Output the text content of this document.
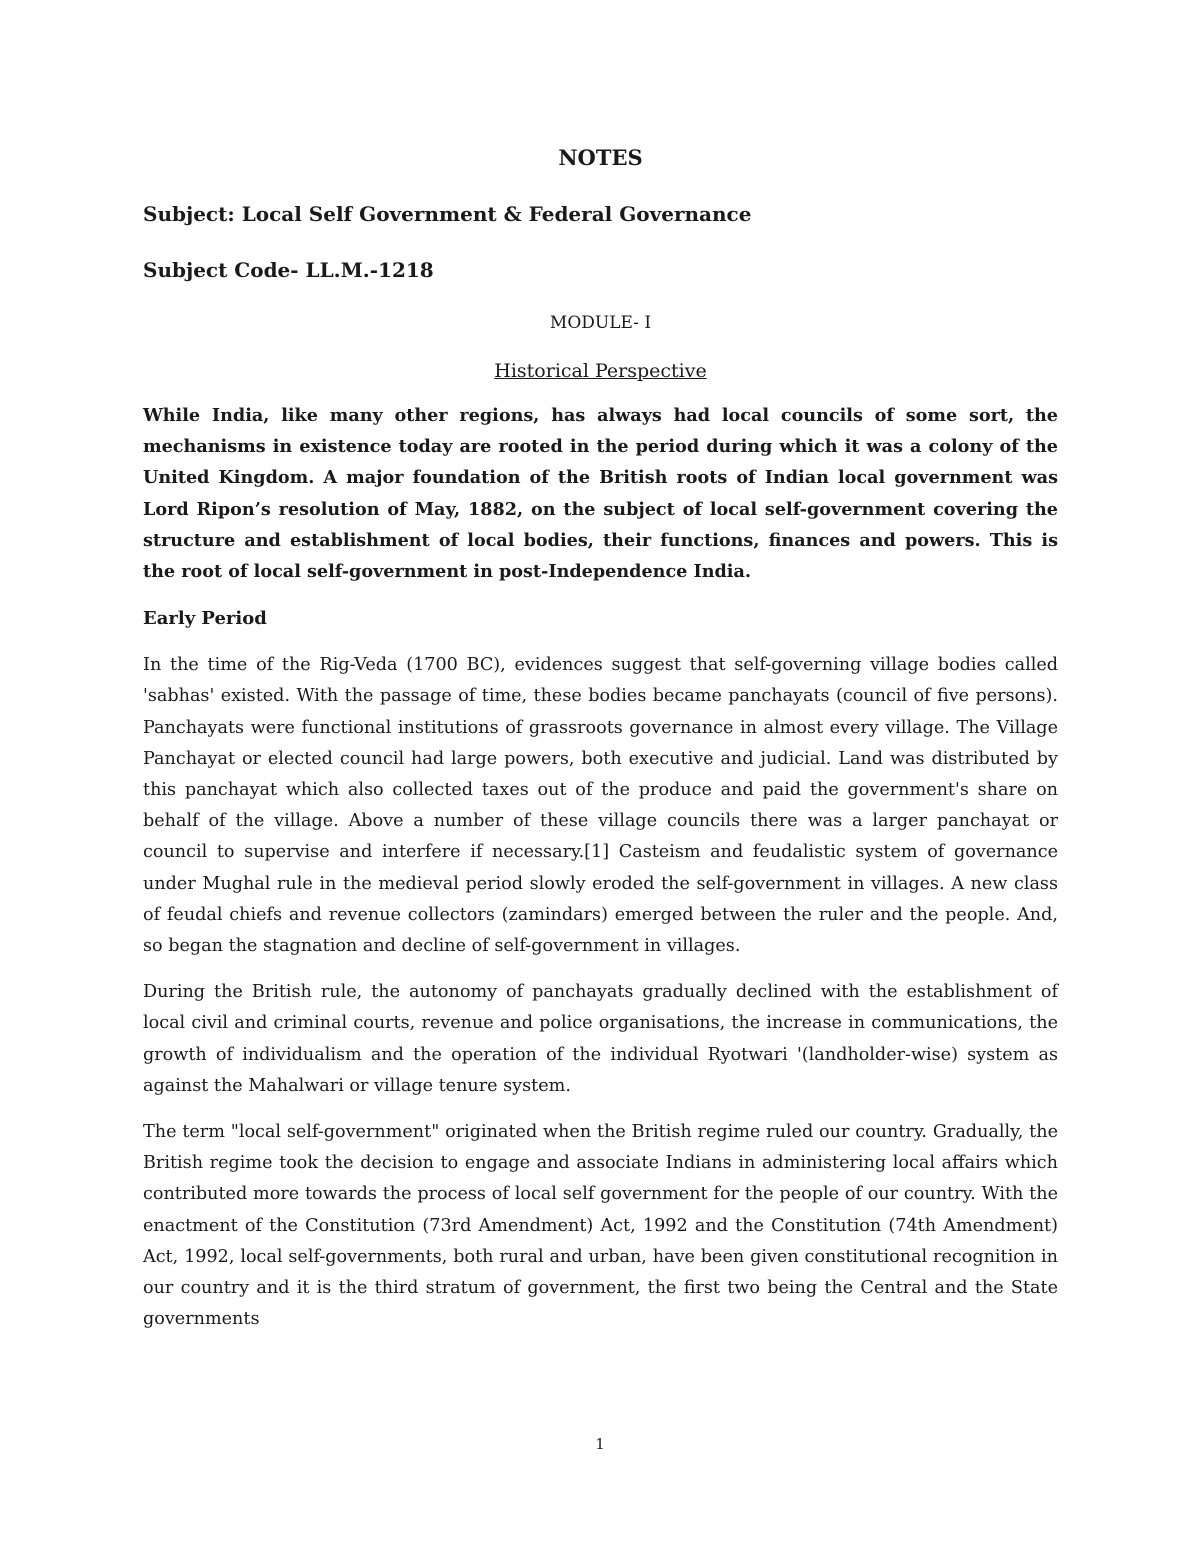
NOTES
Subject: Local Self Government & Federal Governance
Subject Code- LL.M.-1218
MODULE- I
Historical Perspective

While India, like many other regions, has always had local councils of some sort, the mechanisms in existence today are rooted in the period during which it was a colony of the United Kingdom. A major foundation of the British roots of Indian local government was Lord Ripon’s resolution of May, 1882, on the subject of local self-government covering the structure and establishment of local bodies, their functions, finances and powers. This is the root of local self-government in post-Independence India.

Early Period

In the time of the Rig-Veda (1700 BC), evidences suggest that self-governing village bodies called 'sabhas' existed. With the passage of time, these bodies became panchayats (council of five persons). Panchayats were functional institutions of grassroots governance in almost every village. The Village Panchayat or elected council had large powers, both executive and judicial. Land was distributed by this panchayat which also collected taxes out of the produce and paid the government's share on behalf of the village. Above a number of these village councils there was a larger panchayat or council to supervise and interfere if necessary.[1] Casteism and feudalistic system of governance under Mughal rule in the medieval period slowly eroded the self-government in villages. A new class of feudal chiefs and revenue collectors (zamindars) emerged between the ruler and the people. And, so began the stagnation and decline of self-government in villages.

During the British rule, the autonomy of panchayats gradually declined with the establishment of local civil and criminal courts, revenue and police organisations, the increase in communications, the growth of individualism and the operation of the individual Ryotwari '(landholder-wise) system as against the Mahalwari or village tenure system.

The term "local self-government" originated when the British regime ruled our country. Gradually, the British regime took the decision to engage and associate Indians in administering local affairs which contributed more towards the process of local self government for the people of our country. With the enactment of the Constitution (73rd Amendment) Act, 1992 and the Constitution (74th Amendment) Act, 1992, local self-governments, both rural and urban, have been given constitutional recognition in our country and it is the third stratum of government, the first two being the Central and the State governments

1
